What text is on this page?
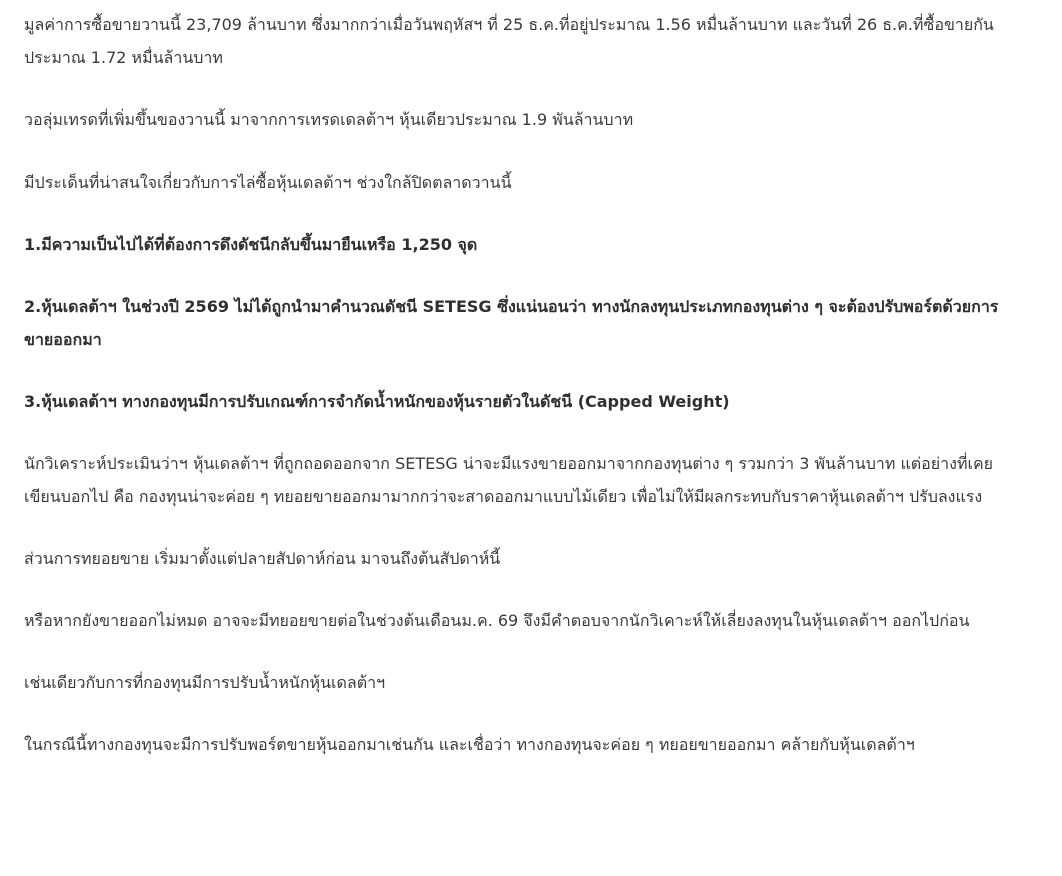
มูลค่าการซื้อขายวานนี้ 23,709 ล้านบาท ซึ่งมากกว่าเมื่อวันพฤหัสฯ ที่ 25 ธ.ค.ที่อยู่ประมาณ 1.56 หมื่นล้านบาท และวันที่ 26 ธ.ค.ที่ซื้อขายกันประมาณ 1.72 หมื่นล้านบาท

วอลุ่มเทรดที่เพิ่มขึ้นของวานนี้ มาจากการเทรดเดลต้าฯ หุ้นเดียวประมาณ 1.9 พันล้านบาท

มีประเด็นที่น่าสนใจเกี่ยวกับการไล่ซื้อหุ้นเดลต้าฯ ช่วงใกล้ปิดตลาดวานนี้

1.มีความเป็นไปได้ที่ต้องการดึงดัชนีกลับขึ้นมายืนเหรือ 1,250 จุด

2.หุ้นเดลต้าฯ ในช่วงปี 2569 ไม่ได้ถูกนำมาคำนวณดัชนี SETESG ซึ่งแน่นอนว่า ทางนักลงทุนประเภทกองทุนต่าง ๆ จะต้องปรับพอร์ตด้วยการขายออกมา

3.หุ้นเดลต้าฯ ทางกองทุนมีการปรับเกณฑ์การจำกัดน้ำหนักของหุ้นรายตัวในดัชนี (Capped Weight)

นักวิเคราะห์ประเมินว่าฯ หุ้นเดลต้าฯ ที่ถูกถอดออกจาก SETESG น่าจะมีแรงขายออกมาจากกองทุนต่าง ๆ รวมกว่า 3 พันล้านบาท แต่อย่างที่เคยเขียนบอกไป คือ กองทุนน่าจะค่อย ๆ ทยอยขายออกมามากกว่าจะสาดออกมาแบบไม้เดียว เพื่อไม่ให้มีผลกระทบกับราคาหุ้นเดลต้าฯ ปรับลงแรง

ส่วนการทยอยขาย เริ่มมาตั้งแต่ปลายสัปดาห์ก่อน มาจนถึงต้นสัปดาห์นี้

หรือหากยังขายออกไม่หมด อาจจะมีทยอยขายต่อในช่วงต้นเดือนม.ค. 69 จึงมีคำตอบจากนักวิเคาะห์ให้เลี่ยงลงทุนในหุ้นเดลต้าฯ ออกไปก่อน

เช่นเดียวกับการที่กองทุนมีการปรับน้ำหนักหุ้นเดลต้าฯ

ในกรณีนี้ทางกองทุนจะมีการปรับพอร์ตขายหุ้นออกมาเช่นกัน และเชื่อว่า ทางกองทุนจะค่อย ๆ ทยอยขายออกมา คล้ายกับหุ้นเดลต้าฯ
